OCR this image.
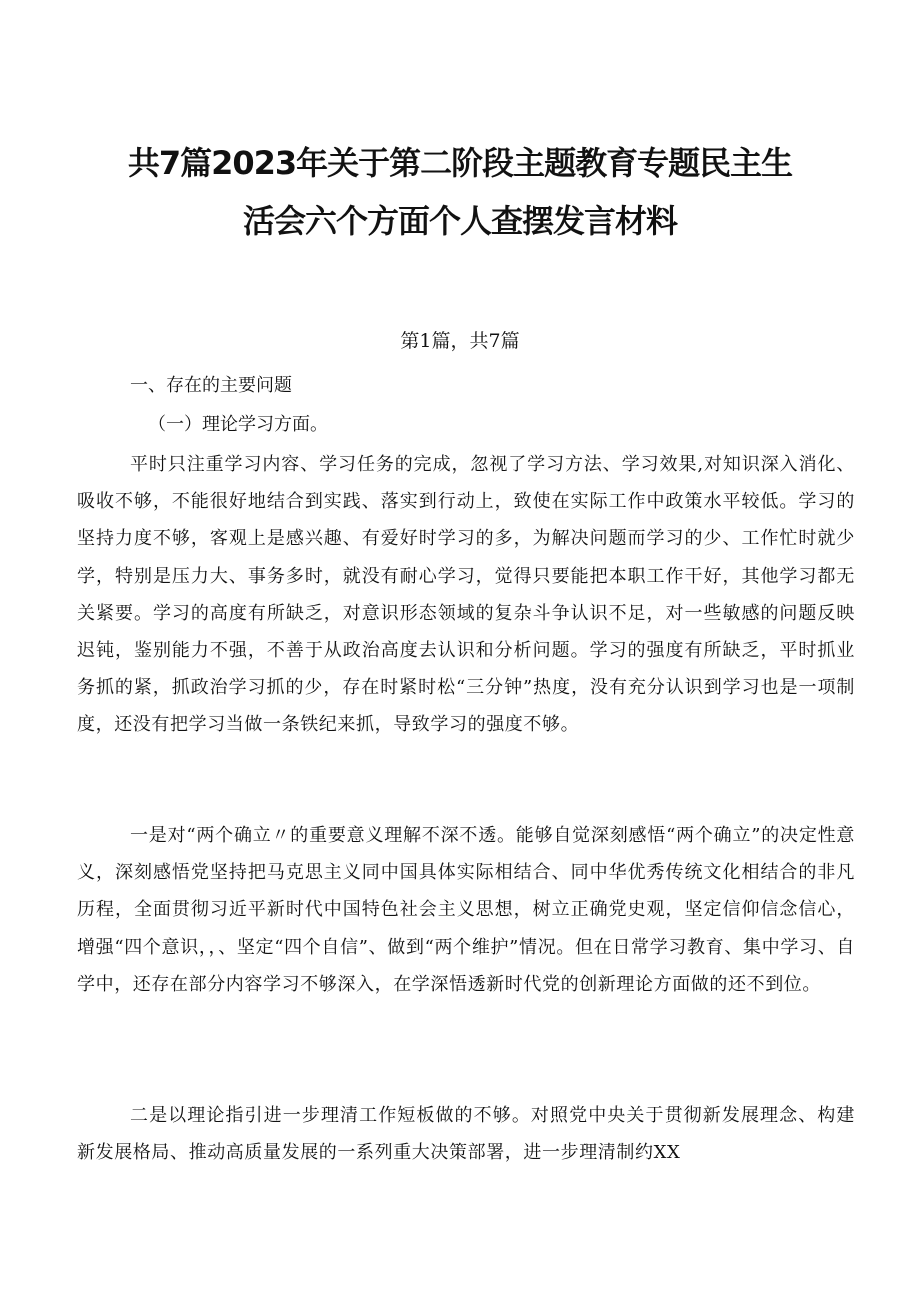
共7篇2023年关于第二阶段主题教育专题民主生
活会六个方面个人查摆发言材料
第1篇，共7篇
一、存在的主要问题
（一）理论学习方面。
平时只注重学习内容、学习任务的完成，忽视了学习方法、学习效果,对知识深入消化、吸收不够，不能很好地结合到实践、落实到行动上，致使在实际工作中政策水平较低。学习的坚持力度不够，客观上是感兴趣、有爱好时学习的多，为解决问题而学习的少、工作忙时就少学，特别是压力大、事务多时，就没有耐心学习，觉得只要能把本职工作干好，其他学习都无关紧要。学习的高度有所缺乏，对意识形态领域的复杂斗争认识不足，对一些敏感的问题反映迟钝，鉴别能力不强，不善于从政治高度去认识和分析问题。学习的强度有所缺乏，平时抓业务抓的紧，抓政治学习抓的少，存在时紧时松“三分钟”热度，没有充分认识到学习也是一项制度，还没有把学习当做一条铁纪来抓，导致学习的强度不够。
一是对“两个确立〃的重要意义理解不深不透。能够自觉深刻感悟“两个确立”的决定性意义，深刻感悟党坚持把马克思主义同中国具体实际相结合、同中华优秀传统文化相结合的非凡历程，全面贯彻习近平新时代中国特色社会主义思想，树立正确党史观，坚定信仰信念信心，增强“四个意识，，、坚定“四个自信”、做到“两个维护”情况。但在日常学习教育、集中学习、自学中，还存在部分内容学习不够深入，在学深悟透新时代党的创新理论方面做的还不到位。
二是以理论指引进一步理清工作短板做的不够。对照党中央关于贯彻新发展理念、构建新发展格局、推动高质量发展的一系列重大决策部署，进一步理清制约XX
